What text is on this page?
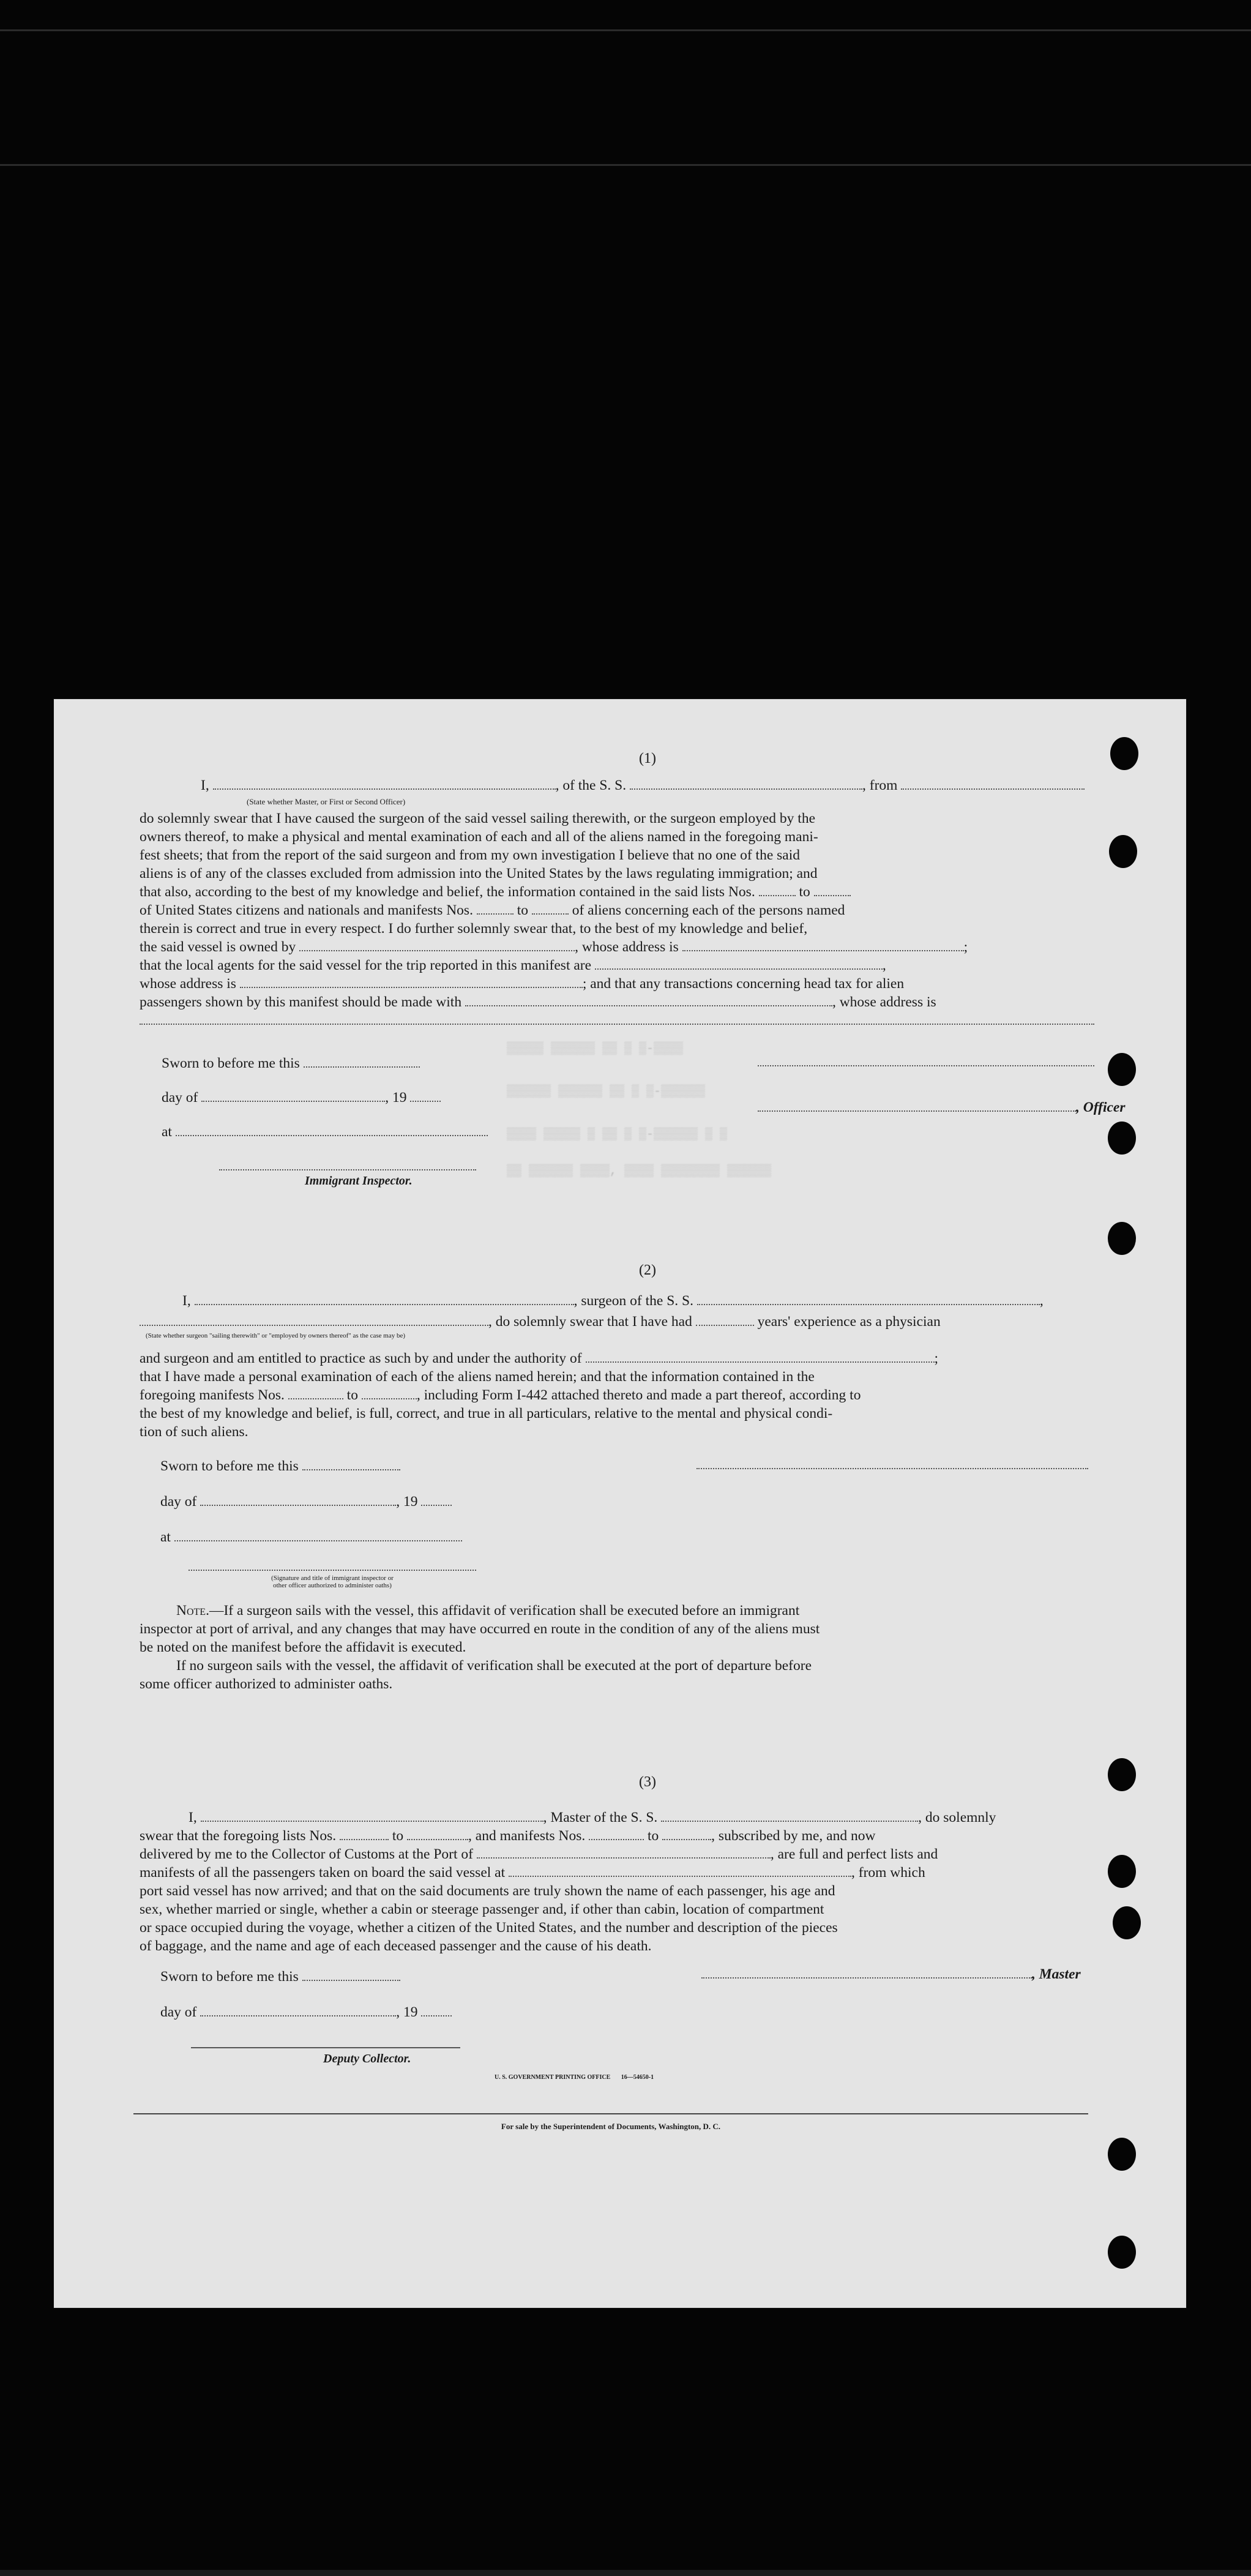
▒▒▒▒▒ ▒▒▒▒▒▒ ▒▒ ▒ ▒-▒▒▒▒
▒▒▒▒▒▒ ▒▒▒▒▒▒ ▒▒ ▒ ▒-▒▒▒▒▒▒
▒▒▒▒ ▒▒▒▒▒ ▒ ▒▒ ▒ ▒-▒▒▒▒▒▒ ▒ ▒
▒▒ ▒▒▒▒▒▒ ▒▒▒▒, ▒▒▒▒ ▒▒▒▒▒▒▒▒ ▒▒▒▒▒▒
(1)
I,	, of the S. S.	, from
(State whether Master, or First or Second Officer)

do solemnly swear that I have caused the surgeon of the said vessel sailing therewith, or the surgeon employed by the

owners thereof, to make a physical and mental examination of each and all of the aliens named in the foregoing mani-

fest sheets; that from the report of the said surgeon and from my own investigation I believe that no one of the said

aliens is of any of the classes excluded from admission into the United States by the laws regulating immigration; and

that also, according to the best of my knowledge and belief, the information contained in the said lists Nos.	to

of United States citizens and nationals and manifests Nos.	to	of aliens concerning each of the persons named

therein is correct and true in every respect. I do further solemnly swear that, to the best of my knowledge and belief,

the said vessel is owned by	, whose address is	;

that the local agents for the said vessel for the trip reported in this manifest are	,

whose address is	; and that any transactions concerning head tax for alien

passengers shown by this manifest should be made with	, whose address is

Sworn to before me this
day of	, 19
, Officer
at
Immigrant Inspector.
(2)
I,	, surgeon of the S. S.	,
, do solemnly swear that I have had	years' experience as a physician
(State whether surgeon "sailing therewith" or "employed by owners thereof" as the case may be)

and surgeon and am entitled to practice as such by and under the authority of	;

that I have made a personal examination of each of the aliens named herein; and that the information contained in the

foregoing manifests Nos.	to	, including Form I-442 attached thereto and made a part thereof, according to

the best of my knowledge and belief, is full, correct, and true in all particulars, relative to the mental and physical condi-

tion of such aliens.

Sworn to before me this
day of	, 19
at
(Signature and title of immigrant inspector or
other officer authorized to administer oaths)

Note.—If a surgeon sails with the vessel, this affidavit of verification shall be executed before an immigrant

inspector at port of arrival, and any changes that may have occurred en route in the condition of any of the aliens must

be noted on the manifest before the affidavit is executed.

If no surgeon sails with the vessel, the affidavit of verification shall be executed at the port of departure before

some officer authorized to administer oaths.

(3)
I,	, Master of the S. S.	, do solemnly

swear that the foregoing lists Nos.	to	, and manifests Nos.	to	, subscribed by me, and now

delivered by me to the Collector of Customs at the Port of	, are full and perfect lists and

manifests of all the passengers taken on board the said vessel at	, from which

port said vessel has now arrived; and that on the said documents are truly shown the name of each passenger, his age and

sex, whether married or single, whether a cabin or steerage passenger and, if other than cabin, location of compartment

or space occupied during the voyage, whether a citizen of the United States, and the number and description of the pieces

of baggage, and the name and age of each deceased passenger and the cause of his death.

Sworn to before me this	, Master
day of	, 19
Deputy Collector.
U. S. GOVERNMENT PRINTING OFFICE 16—54650-1
For sale by the Superintendent of Documents, Washington, D. C.
